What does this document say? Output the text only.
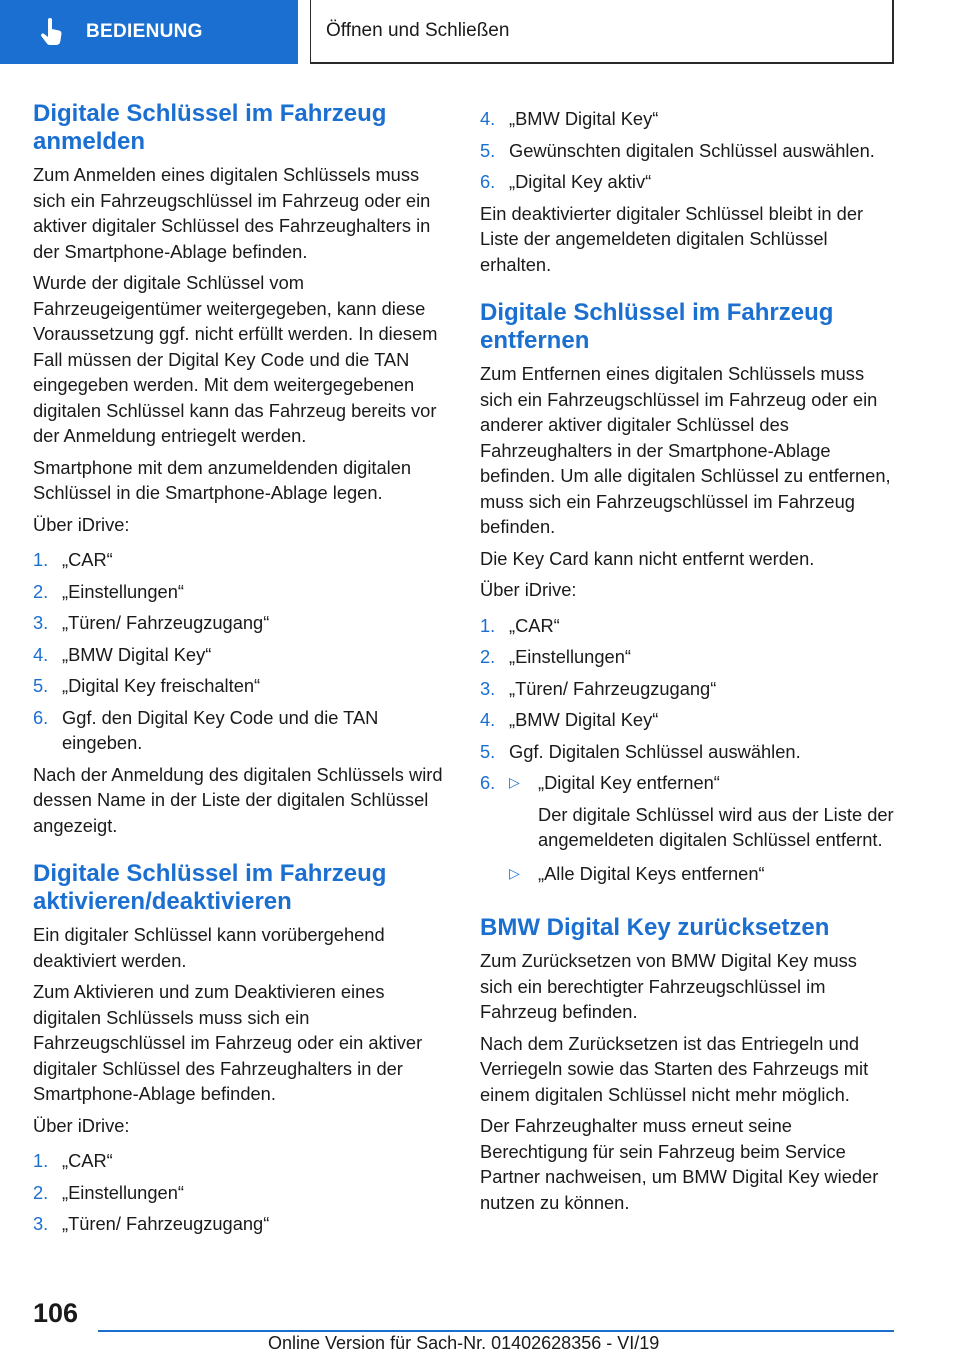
BEDIENUNG	Öffnen und Schließen
Digitale Schlüssel im Fahrzeug anmelden

Zum Anmelden eines digitalen Schlüssels muss sich ein Fahrzeugschlüssel im Fahrzeug oder ein aktiver digitaler Schlüssel des Fahrzeughalters in der Smartphone-Ablage befinden.

Wurde der digitale Schlüssel vom Fahrzeugeigentümer weitergegeben, kann diese Voraussetzung ggf. nicht erfüllt werden. In diesem Fall müssen der Digital Key Code und die TAN eingegeben werden. Mit dem weitergegebenen digitalen Schlüssel kann das Fahrzeug bereits vor der Anmeldung entriegelt werden.

Smartphone mit dem anzumeldenden digitalen Schlüssel in die Smartphone-Ablage legen.

Über iDrive:

1. „CAR“
2. „Einstellungen“
3. „Türen/ Fahrzeugzugang“
4. „BMW Digital Key“
5. „Digital Key freischalten“
6. Ggf. den Digital Key Code und die TAN eingeben.

Nach der Anmeldung des digitalen Schlüssels wird dessen Name in der Liste der digitalen Schlüssel angezeigt.

Digitale Schlüssel im Fahrzeug aktivieren/deaktivieren

Ein digitaler Schlüssel kann vorübergehend deaktiviert werden.

Zum Aktivieren und zum Deaktivieren eines digitalen Schlüssels muss sich ein Fahrzeugschlüssel im Fahrzeug oder ein aktiver digitaler Schlüssel des Fahrzeughalters in der Smartphone-Ablage befinden.

Über iDrive:

1. „CAR“
2. „Einstellungen“
3. „Türen/ Fahrzeugzugang“
4. „BMW Digital Key“
5. Gewünschten digitalen Schlüssel auswählen.
6. „Digital Key aktiv“

Ein deaktivierter digitaler Schlüssel bleibt in der Liste der angemeldeten digitalen Schlüssel erhalten.

Digitale Schlüssel im Fahrzeug entfernen

Zum Entfernen eines digitalen Schlüssels muss sich ein Fahrzeugschlüssel im Fahrzeug oder ein anderer aktiver digitaler Schlüssel des Fahrzeughalters in der Smartphone-Ablage befinden. Um alle digitalen Schlüssel zu entfernen, muss sich ein Fahrzeugschlüssel im Fahrzeug befinden.

Die Key Card kann nicht entfernt werden.

Über iDrive:

1. „CAR“
2. „Einstellungen“
3. „Türen/ Fahrzeugzugang“
4. „BMW Digital Key“
5. Ggf. Digitalen Schlüssel auswählen.
6. ▷ „Digital Key entfernen“
Der digitale Schlüssel wird aus der Liste der angemeldeten digitalen Schlüssel entfernt.
▷ „Alle Digital Keys entfernen“
BMW Digital Key zurücksetzen

Zum Zurücksetzen von BMW Digital Key muss sich ein berechtigter Fahrzeugschlüssel im Fahrzeug befinden.

Nach dem Zurücksetzen ist das Entriegeln und Verriegeln sowie das Starten des Fahrzeugs mit einem digitalen Schlüssel nicht mehr möglich.

Der Fahrzeughalter muss erneut seine Berechtigung für sein Fahrzeug beim Service Partner nachweisen, um BMW Digital Key wieder nutzen zu können.

106
Online Version für Sach-Nr. 01402628356 - VI/19
